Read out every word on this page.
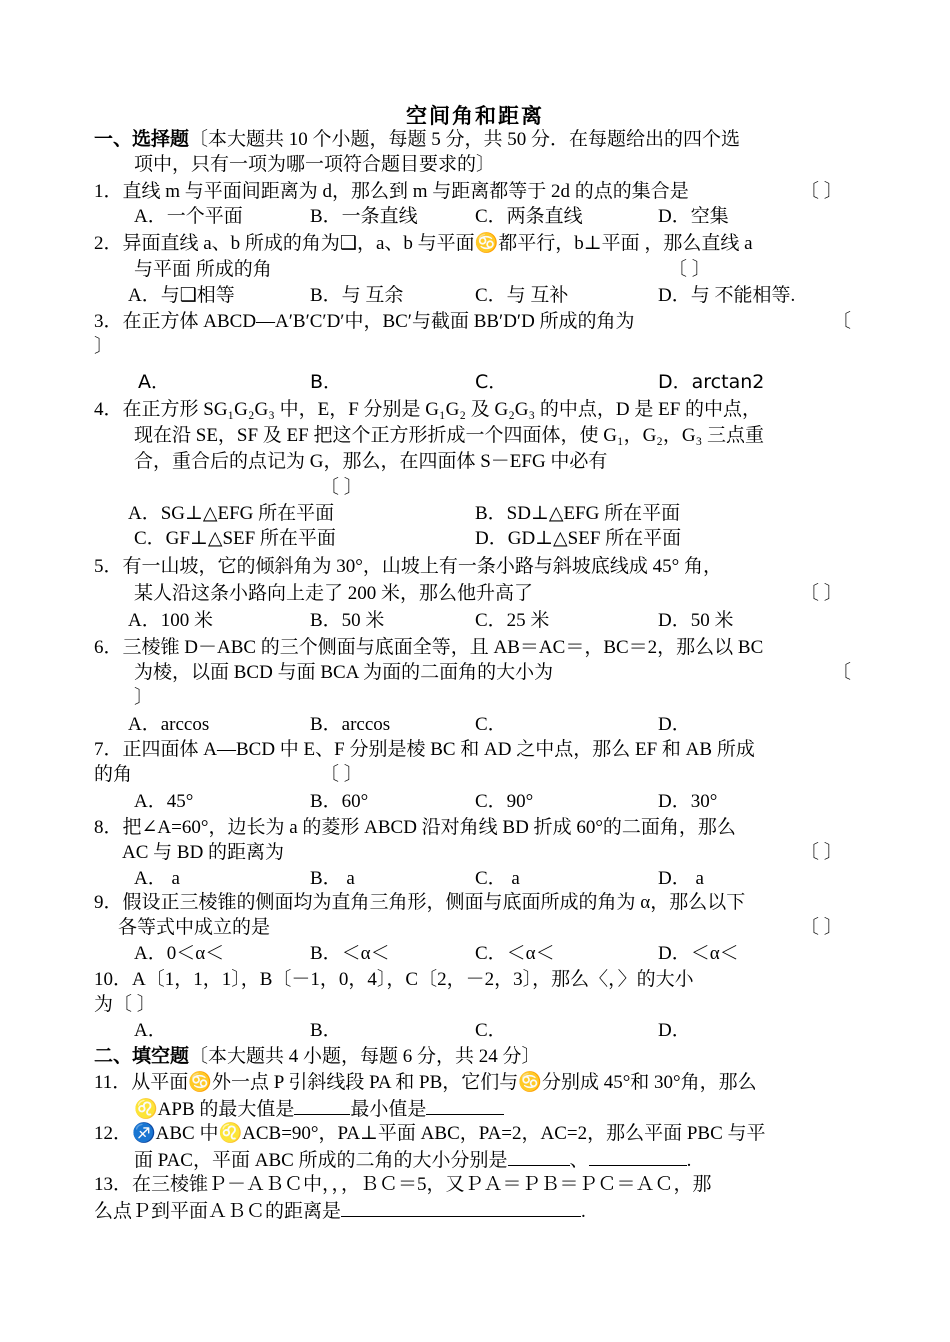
空间角和距离
一、选择题〔本大题共 10 个小题，每题 5 分，共 50 分．在每题给出的四个选
项中，只有一项为哪一项符合题目要求的〕
1．直线 m 与平面间距离为 d，那么到 m 与距离都等于 2d 的点的集合是	〔 〕
A．一个平面	B．一条直线	C．两条直线	D．空集
2．异面直线 a、b 所成的角为❑，a、b 与平面♋都平行，b⊥平面 ，那么直线 a
与平面 所成的角	〔 〕
A．与❑相等	B．与 互余	C．与 互补	D．与 不能相等.
3．在正方体 ABCD—A′B′C′D′中，BC′与截面 BB′D′D 所成的角为	〔
〕
A．	B．	C．	D．arctan2
4．在正方形 SG₁G₂G₃ 中，E，F 分别是 G₁G₂ 及 G₂G₃ 的中点，D 是 EF 的中点，
现在沿 SE，SF 及 EF 把这个正方形折成一个四面体，使 G₁，G₂，G₃ 三点重
合，重合后的点记为 G，那么，在四面体 S－EFG 中必有
〔 〕
A．SG⊥△EFG 所在平面	B．SD⊥△EFG 所在平面
C．GF⊥△SEF 所在平面	D．GD⊥△SEF 所在平面
5．有一山坡，它的倾斜角为 30°，山坡上有一条小路与斜坡底线成 45° 角，
某人沿这条小路向上走了 200 米，那么他升高了	〔 〕
A．100 米	B．50 米	C．25 米	D．50 米
6．三棱锥 D－ABC 的三个侧面与底面全等，且 AB＝AC＝，BC＝2，那么以 BC
为棱，以面 BCD 与面 BCA 为面的二面角的大小为	〔
〕
A．arccos	B．arccos	C．	D．
7．正四面体 A—BCD 中 E、F 分别是棱 BC 和 AD 之中点，那么 EF 和 AB 所成
的角	〔 〕
A．45°	B．60°	C．90°	D．30°
8．把∠A=60°，边长为 a 的菱形 ABCD 沿对角线 BD 折成 60°的二面角，那么
AC 与 BD 的距离为	〔 〕
A． a	B． a	C． a	D． a
9．假设正三棱锥的侧面均为直角三角形，侧面与底面所成的角为 α，那么以下
各等式中成立的是	〔 〕
A．0＜α＜	B．＜α＜	C．＜α＜	D．＜α＜
10．A〔1，1，1〕，B〔－1，0，4〕，C〔2，－2，3〕，那么〈，〉的大小
为〔 〕
A．	B．	C．	D．
二、填空题〔本大题共 4 小题，每题 6 分，共 24 分〕
11．从平面♋外一点 P 引斜线段 PA 和 PB，它们与♋分别成 45°和 30°角，那么
♌APB 的最大值是	最小值是
12．♐ABC 中♌ACB=90°，PA⊥平面 ABC，PA=2，AC=2，那么平面 PBC 与平
面 PAC，平面 ABC 所成的二角的大小分别是	、	.
13．在三棱锥Ｐ－ＡＢＣ中，，，ＢＣ＝5，又ＰＡ＝ＰＢ＝ＰＣ＝ＡＣ，那
么点Ｐ到平面ＡＢＣ的距离是	.
